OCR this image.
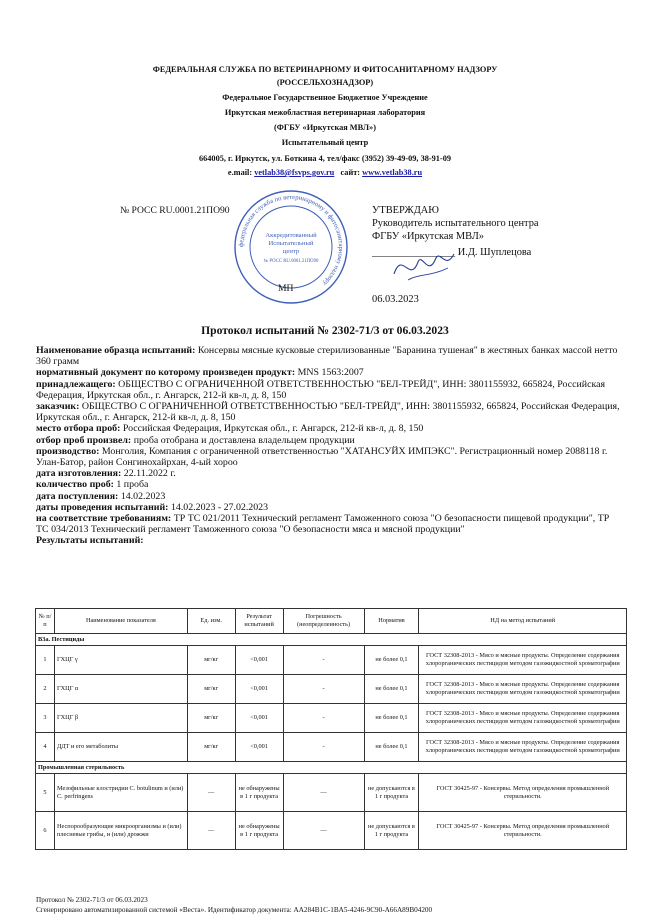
ФЕДЕРАЛЬНАЯ СЛУЖБА ПО ВЕТЕРИНАРНОМУ И ФИТОСАНИТАРНОМУ НАДЗОРУ
(РОССЕЛЬХОЗНАДЗОР)
Федеральное Государственное Бюджетное Учреждение
Иркутская межобластная ветеринарная лаборатория
(ФГБУ «Иркутская МВЛ»)
Испытательный центр
664005, г. Иркутск, ул. Боткина 4, тел/факс (3952) 39-49-09, 38-91-09
e.mail: vetlab38@fsvps.gov.ru сайт: www.vetlab38.ru
№ РОСС RU.0001.21ПО90
федеральная служба по ветеринарному и фитосанитарному надзору
Аккредитованный
Испытательный
центр
№ РОСС RU.0001.21ПО90
МП
УТВЕРЖДАЮ
Руководитель испытательного центра
ФГБУ «Иркутская МВЛ»
________________ И.Д. Шуплецова
06.03.2023
Протокол испытаний № 2302-71/3 от 06.03.2023

Наименование образца испытаний: Консервы мясные кусковые стерилизованные "Баранина тушеная" в жестяных банках массой нетто 360 грамм

нормативный документ по которому произведен продукт: MNS 1563:2007

принадлежащего: ОБЩЕСТВО С ОГРАНИЧЕННОЙ ОТВЕТСТВЕННОСТЬЮ "БЕЛ-ТРЕЙД", ИНН: 3801155932, 665824, Российская Федерация, Иркутская обл., г. Ангарск, 212-й кв-л, д. 8, 150

заказчик: ОБЩЕСТВО С ОГРАНИЧЕННОЙ ОТВЕТСТВЕННОСТЬЮ "БЕЛ-ТРЕЙД", ИНН: 3801155932, 665824, Российская Федерация, Иркутская обл., г. Ангарск, 212-й кв-л, д. 8, 150

место отбора проб: Российская Федерация, Иркутская обл., г. Ангарск, 212-й кв-л, д. 8, 150

отбор проб произвел: проба отобрана и доставлена владельцем продукции

производство: Монголия, Компания с ограниченной ответственностью "ХАТАНСУЙХ ИМПЭКС". Регистрационный номер 2088118 г. Улан-Батор, район Сонгинохайрхан, 4-ый хороо

дата изготовления: 22.11.2022 г.

количество проб: 1 проба

дата поступления: 14.02.2023

даты проведения испытаний: 14.02.2023 - 27.02.2023

на соответствие требованиям: ТР ТС 021/2011 Технический регламент Таможенного союза "О безопасности пищевой продукции", ТР ТС 034/2013 Технический регламент Таможенного союза "О безопасности мяса и мясной продукции"

Результаты испытаний:

№ п/п	Наименование показателя	Ед. изм.	Результат испытаний	Погрешность (неопределенность)	Норматив	НД на метод испытаний
В3а. Пестициды						
1	ГХЦГ γ	мг/кг	<0,001	-	не более 0,1	ГОСТ 32308-2013 - Мясо и мясные продукты. Определение содержания хлорорганических пестицидов методом газожидкостной хроматографии
2	ГХЦГ α	мг/кг	<0,001	-	не более 0,1	ГОСТ 32308-2013 - Мясо и мясные продукты. Определение содержания хлорорганических пестицидов методом газожидкостной хроматографии
3	ГХЦГ β	мг/кг	<0,001	-	не более 0,1	ГОСТ 32308-2013 - Мясо и мясные продукты. Определение содержания хлорорганических пестицидов методом газожидкостной хроматографии
4	ДДТ и его метаболиты	мг/кг	<0,001	-	не более 0,1	ГОСТ 32308-2013 - Мясо и мясные продукты. Определение содержания хлорорганических пестицидов методом газожидкостной хроматографии
Промышленная стерильность						
5	Мезофильные клостридии C. botulinum и (или) C. perfringens	—	не обнаружены в 1 г продукта	—	не допускаются в 1 г продукта	ГОСТ 30425-97 - Консервы. Метод определения промышленной стерильности.
6	Неспорообразующие микроорганизмы и (или) плесневые грибы, и (или) дрожжи	—	не обнаружены в 1 г продукта	—	не допускаются в 1 г продукта	ГОСТ 30425-97 - Консервы. Метод определения промышленной стерильности.
Протокол № 2302-71/3 от 06.03.2023
Сгенерировано автоматизированной системой «Веста». Идентификатор документа: AA284B1C-1BA5-4246-9C90-A66A89B04200
